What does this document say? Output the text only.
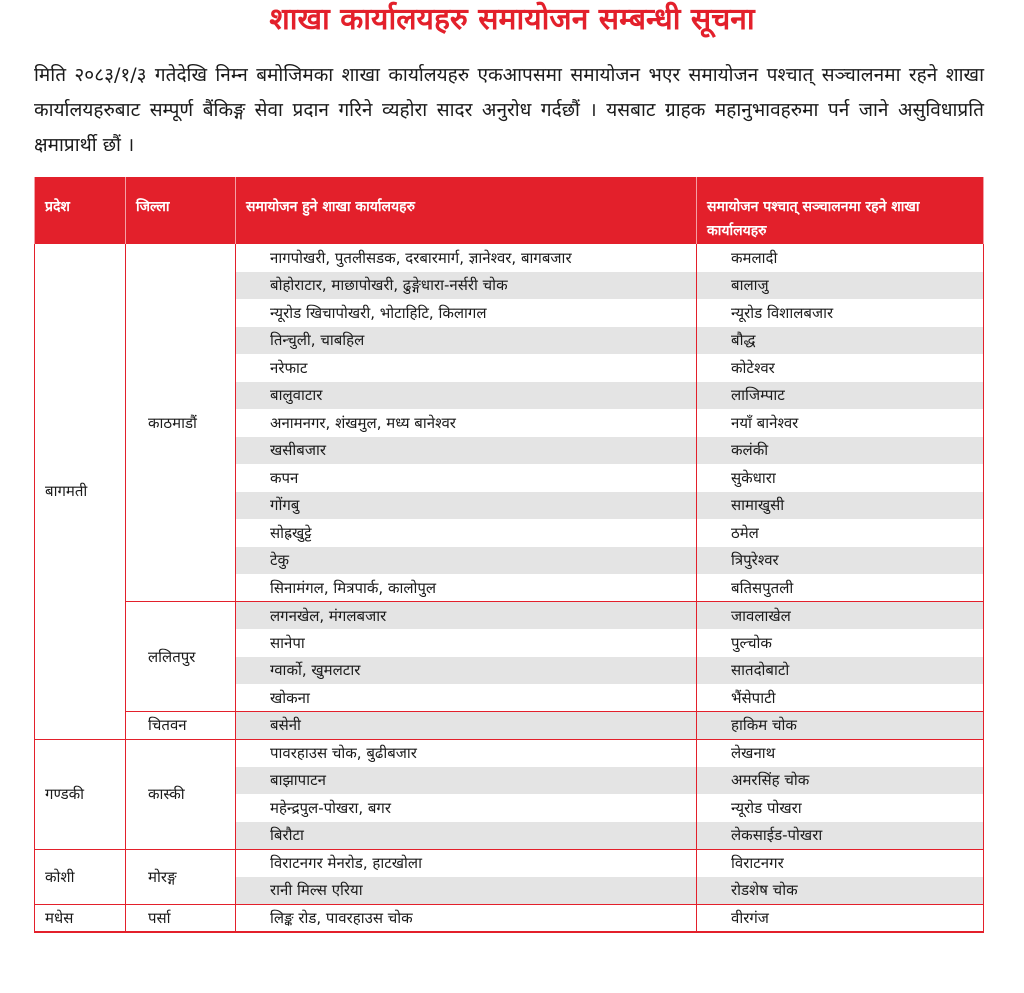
शाखा कार्यालयहरु समायोजन सम्बन्धी सूचना
मिति २०८३/१/३ गतेदेखि निम्न बमोजिमका शाखा कार्यालयहरु एकआपसमा समायोजन भएर समायोजन पश्चात् सञ्चालनमा रहने शाखा कार्यालयहरुबाट सम्पूर्ण बैंकिङ्ग सेवा प्रदान गरिने व्यहोरा सादर अनुरोध गर्दछौं । यसबाट ग्राहक महानुभावहरुमा पर्न जाने असुविधाप्रति क्षमाप्रार्थी छौं ।
प्रदेश	जिल्ला	समायोजन हुने शाखा कार्यालयहरु	समायोजन पश्चात् सञ्चालनमा रहने शाखा कार्यालयहरु
बागमती	काठमाडौं	नागपोखरी, पुतलीसडक, दरबारमार्ग, ज्ञानेश्वर, बागबजार	कमलादी
		बोहोराटार, माछापोखरी, ढुङ्गेधारा-नर्सरी चोक	बालाजु
		न्यूरोड खिचापोखरी, भोटाहिटि, किलागल	न्यूरोड विशालबजार
		तिन्चुली, चाबहिल	बौद्ध
		नरेफाट	कोटेश्वर
		बालुवाटार	लाजिम्पाट
		अनामनगर, शंखमुल, मध्य बानेश्वर	नयाँ बानेश्वर
		खसीबजार	कलंकी
		कपन	सुकेधारा
		गोंगबु	सामाखुसी
		सोह्रखुट्टे	ठमेल
		टेकु	त्रिपुरेश्वर
		सिनामंगल, मित्रपार्क, कालोपुल	बतिसपुतली
	ललितपुर	लगनखेल, मंगलबजार	जावलाखेल
		सानेपा	पुल्चोक
		ग्वार्को, खुमलटार	सातदोबाटो
		खोकना	भैंसेपाटी
	चितवन	बसेनी	हाकिम चोक
गण्डकी	कास्की	पावरहाउस चोक, बुढीबजार	लेखनाथ
		बाझापाटन	अमरसिंह चोक
		महेन्द्रपुल-पोखरा, बगर	न्यूरोड पोखरा
		बिरौटा	लेकसाईड-पोखरा
कोशी	मोरङ्ग	विराटनगर मेनरोड, हाटखोला	विराटनगर
		रानी मिल्स एरिया	रोडशेष चोक
मधेस	पर्सा	लिङ्क रोड, पावरहाउस चोक	वीरगंज
